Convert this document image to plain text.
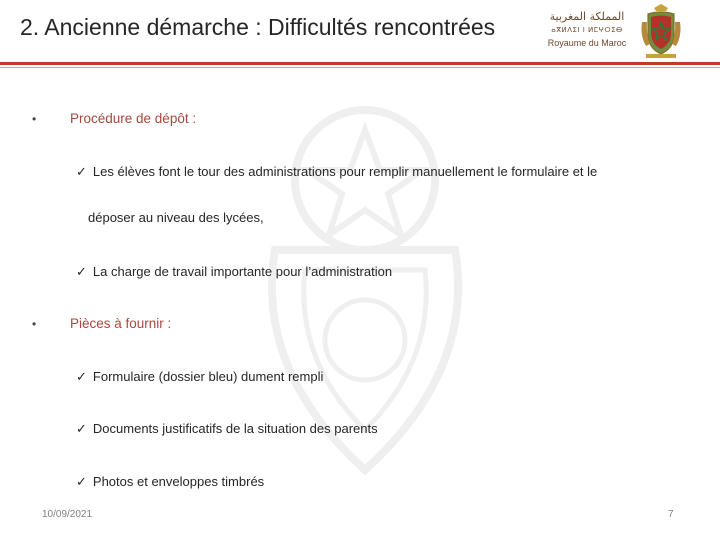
2. Ancienne démarche : Difficultés rencontrées	المملكة المغربية
ⴰⴳⵍⴷⵉⵏ ⵏ ⵍⵎⵖⵔⵉⴱ
Royaume du Maroc
•	Procédure de dépôt :
✓ Les élèves font le tour des administrations pour remplir manuellement le formulaire et le
déposer au niveau des lycées,
✓ La charge de travail importante pour l’administration
•	Pièces à fournir :
✓ Formulaire (dossier bleu) dument rempli
✓ Documents justificatifs de la situation des parents
✓ Photos et enveloppes timbrés
10/09/2021	7
